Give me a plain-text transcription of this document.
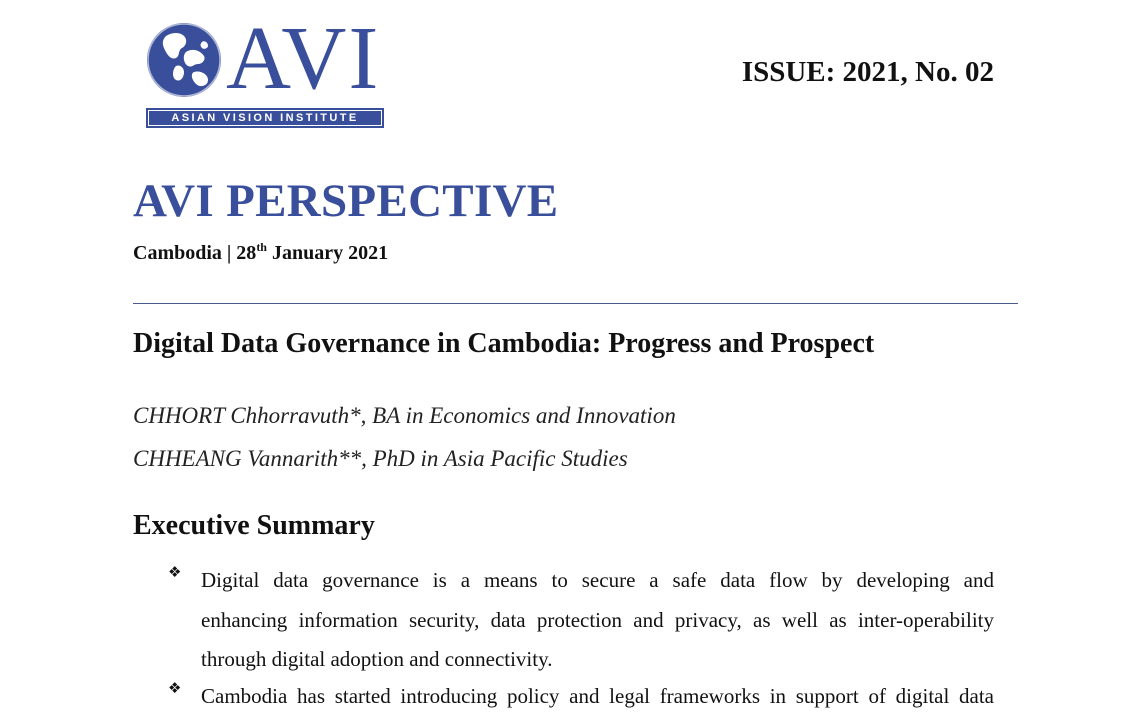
AVI
ASIAN VISION INSTITUTE
ISSUE: 2021, No. 02
AVI PERSPECTIVE
Cambodia | 28th January 2021
Digital Data Governance in Cambodia: Progress and Prospect
CHHORT Chhorravuth*, BA in Economics and Innovation
CHHEANG Vannarith**, PhD in Asia Pacific Studies
Executive Summary
❖ Digital data governance is a means to secure a safe data flow by developing and
enhancing information security, data protection and privacy, as well as inter-operability
through digital adoption and connectivity.
❖ Cambodia has started introducing policy and legal frameworks in support of digital data
